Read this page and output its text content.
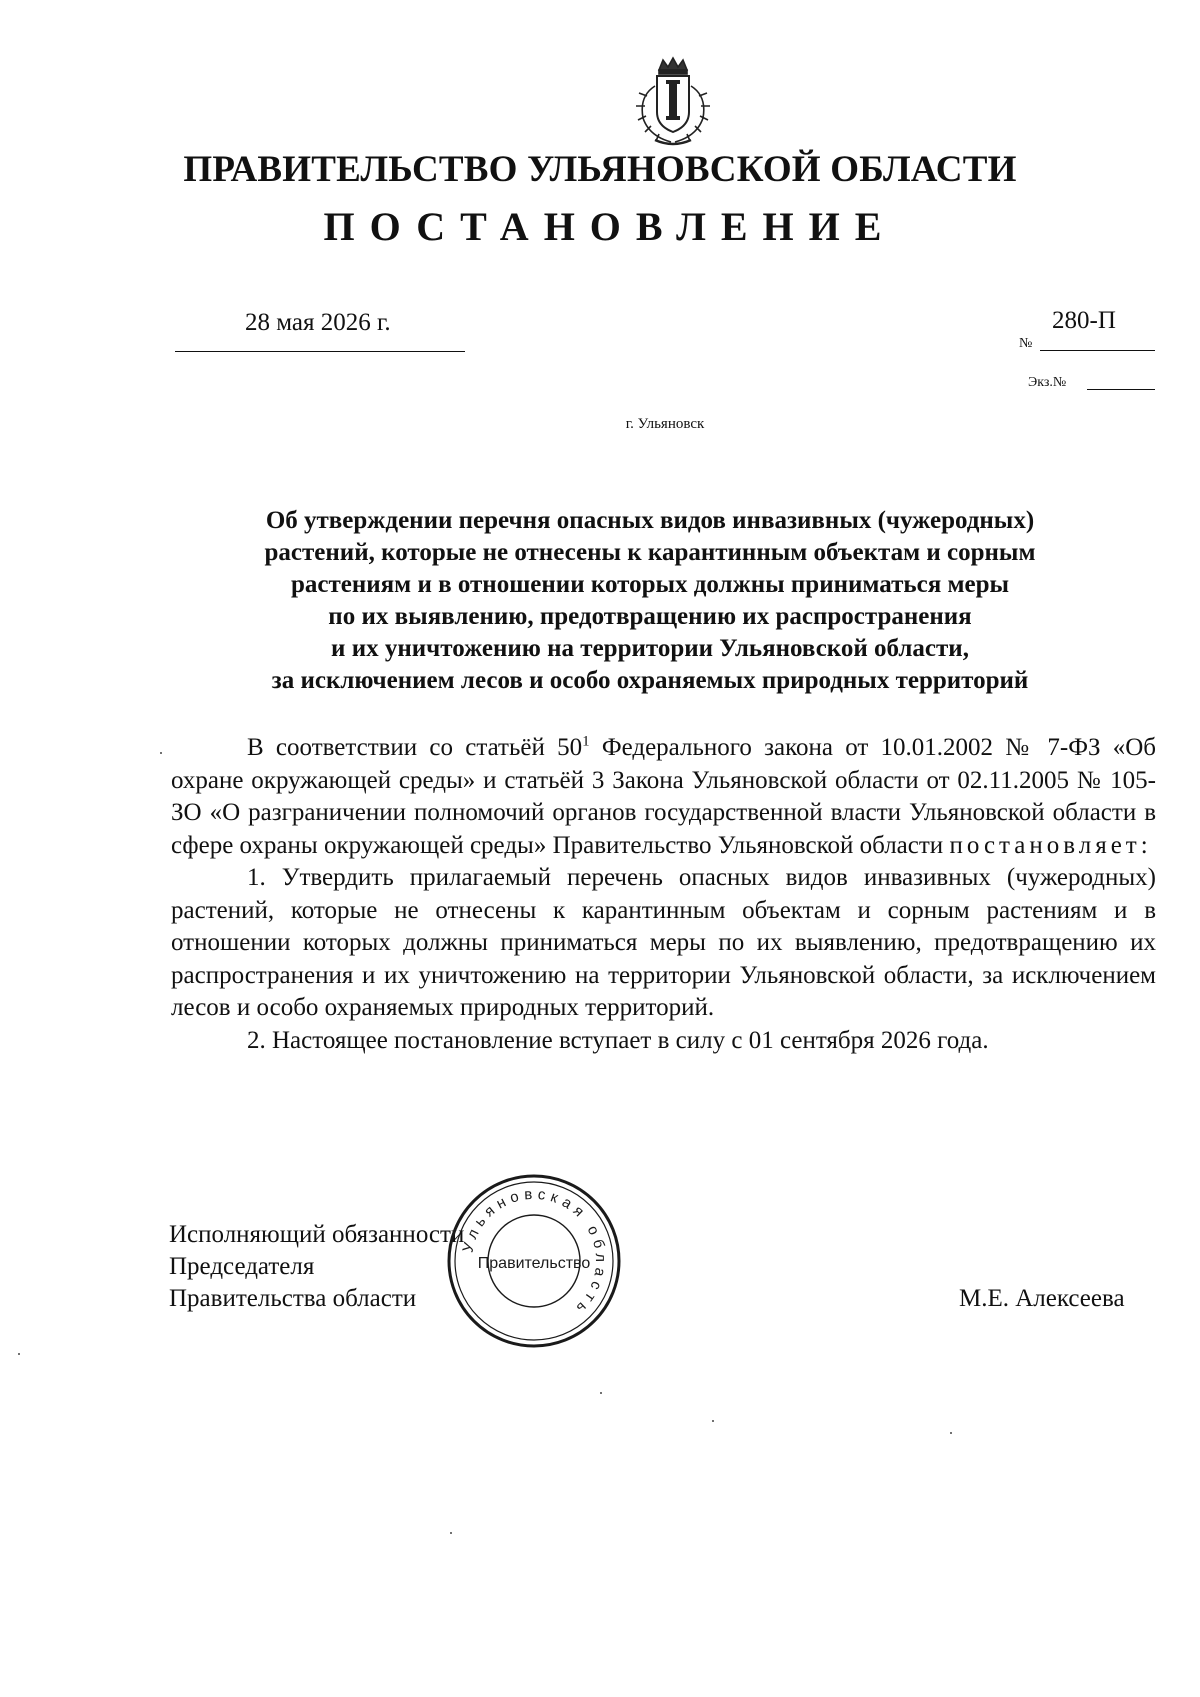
ПРАВИТЕЛЬСТВО УЛЬЯНОВСКОЙ ОБЛАСТИ
ПОСТАНОВЛЕНИЕ
28 мая 2026 г.
№
280-П
Экз.№
г. Ульяновск
Об утверждении перечня опасных видов инвазивных (чужеродных)
растений, которые не отнесены к карантинным объектам и сорным
растениям и в отношении которых должны приниматься меры
по их выявлению, предотвращению их распространения
и их уничтожению на территории Ульяновской области,
за исключением лесов и особо охраняемых природных территорий

В соответствии со статьёй $50^1$ Федерального закона от 10.01.2002 № 7-ФЗ «Об охране окружающей среды» и статьёй 3 Закона Ульяновской области от 02.11.2005 № 105-ЗО «О разграничении полномочий органов государственной власти Ульяновской области в сфере охраны окружающей среды» Правительство Ульяновской области постановляет:

1. Утвердить прилагаемый перечень опасных видов инвазивных (чужеродных) растений, которые не отнесены к карантинным объектам и сорным растениям и в отношении которых должны приниматься меры по их выявлению, предотвращению их распространения и их уничтожению на территории Ульяновской области, за исключением лесов и особо охраняемых природных территорий.

2. Настоящее постановление вступает в силу с 01 сентября 2026 года.

Исполняющий обязанности
Председателя
Правительства области	М.Е. Алексеева
Ульяновская область
Правительство
